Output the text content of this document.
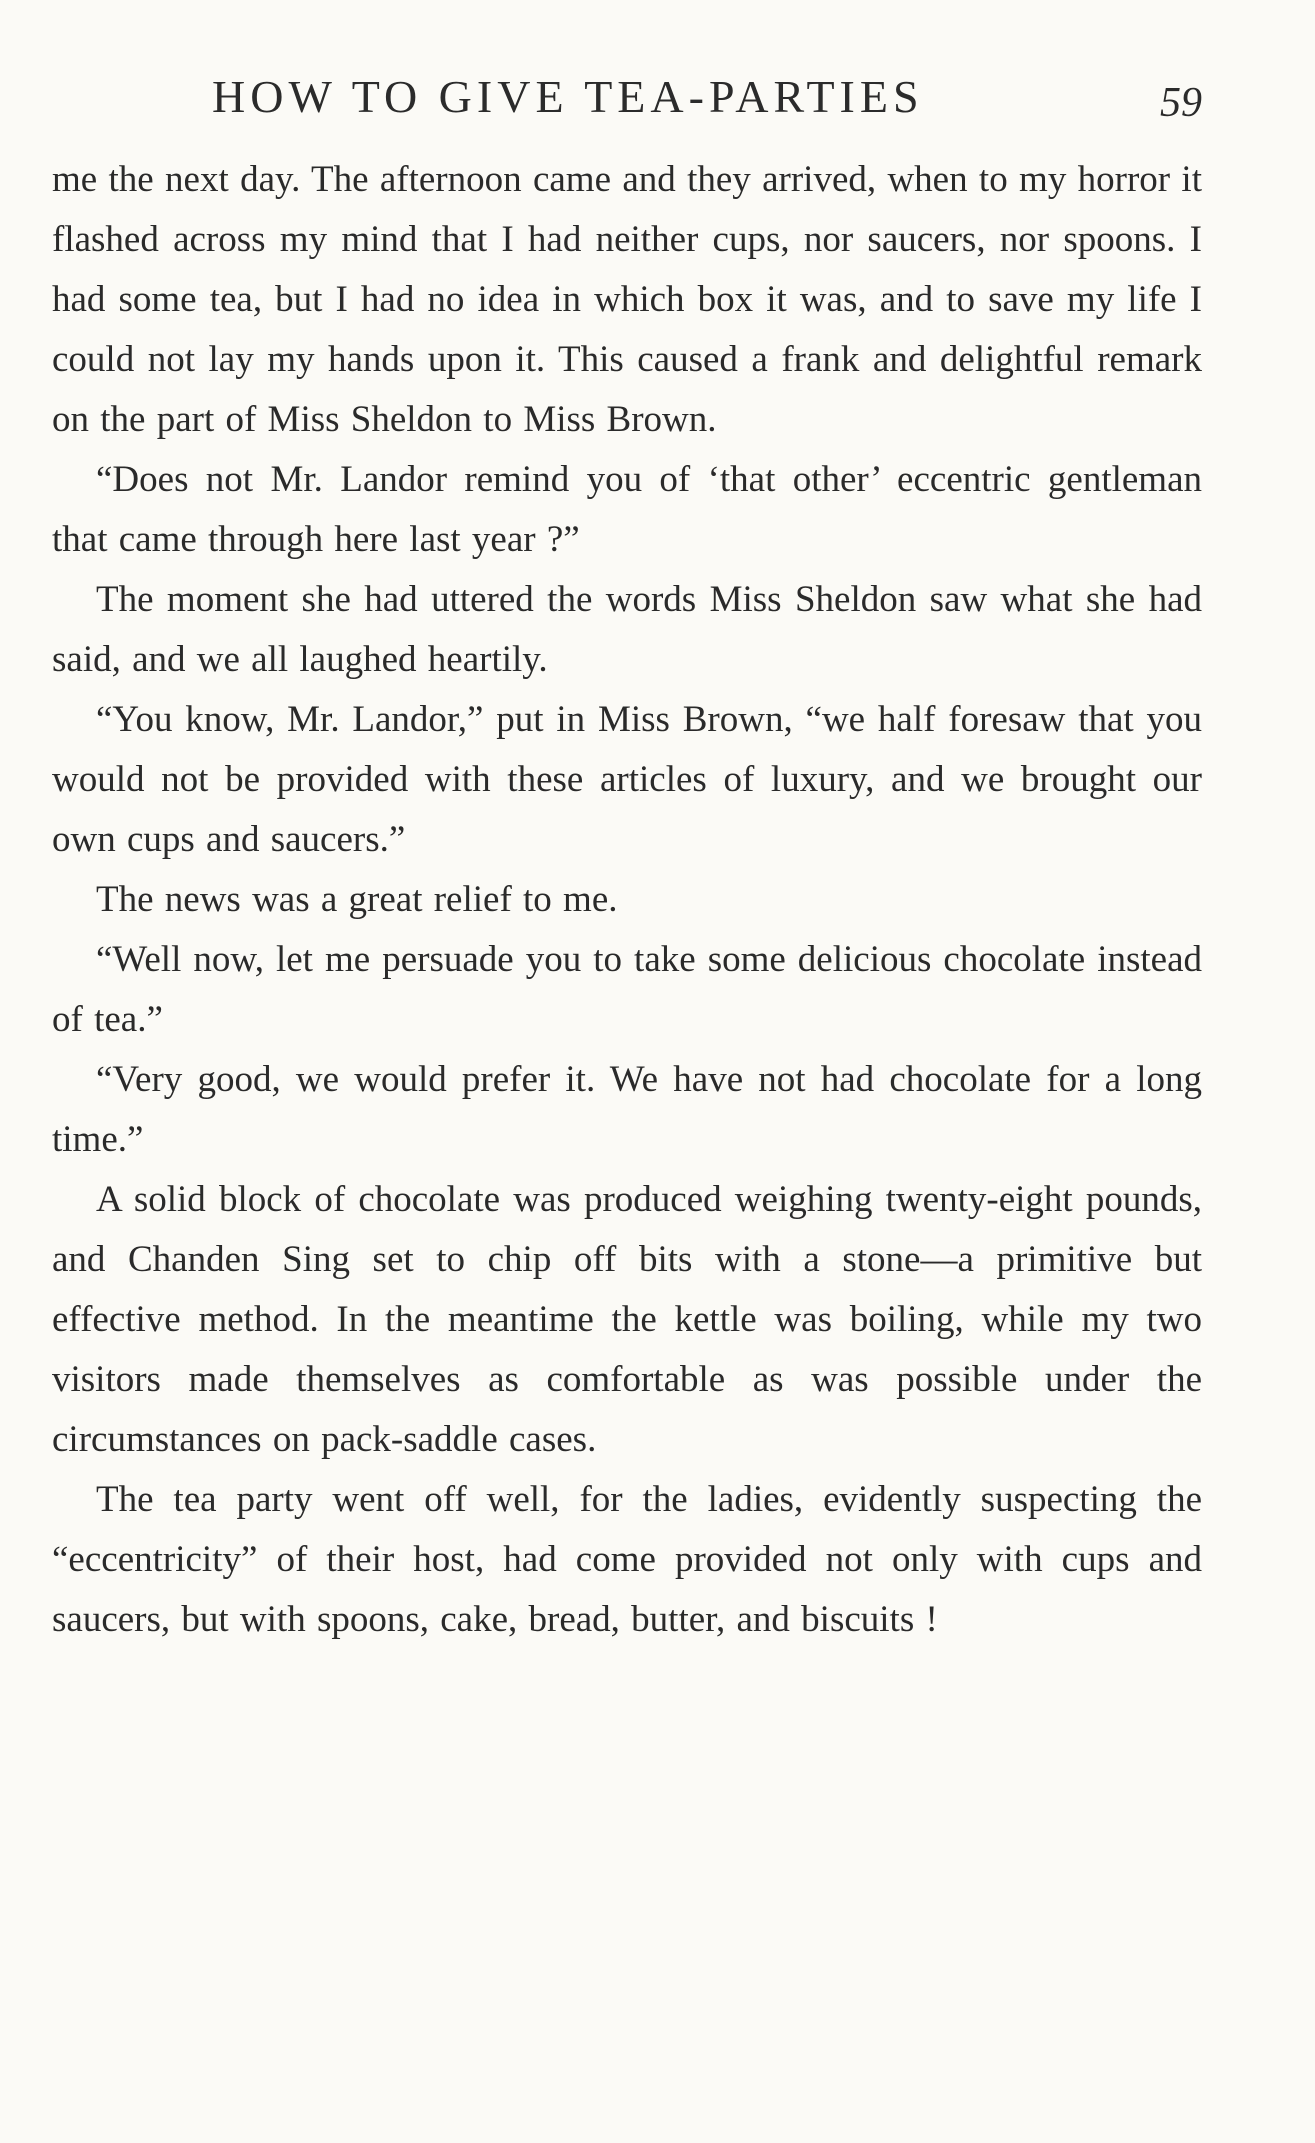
HOW TO GIVE TEA-PARTIES	59

me the next day. The afternoon came and they arrived, when to my horror it flashed across my mind that I had neither cups, nor saucers, nor spoons. I had some tea, but I had no idea in which box it was, and to save my life I could not lay my hands upon it. This caused a frank and delightful remark on the part of Miss Sheldon to Miss Brown.

“Does not Mr. Landor remind you of ‘that other’ eccentric gentleman that came through here last year ?”

The moment she had uttered the words Miss Sheldon saw what she had said, and we all laughed heartily.

“You know, Mr. Landor,” put in Miss Brown, “we half foresaw that you would not be provided with these articles of luxury, and we brought our own cups and saucers.”

The news was a great relief to me.

“Well now, let me persuade you to take some delicious chocolate instead of tea.”

“Very good, we would prefer it. We have not had chocolate for a long time.”

A solid block of chocolate was produced weighing twenty-eight pounds, and Chanden Sing set to chip off bits with a stone—a primitive but effective method. In the meantime the kettle was boiling, while my two visitors made themselves as comfortable as was possible under the circumstances on pack-saddle cases.

The tea party went off well, for the ladies, evidently suspecting the “eccentricity” of their host, had come provided not only with cups and saucers, but with spoons, cake, bread, butter, and biscuits !
